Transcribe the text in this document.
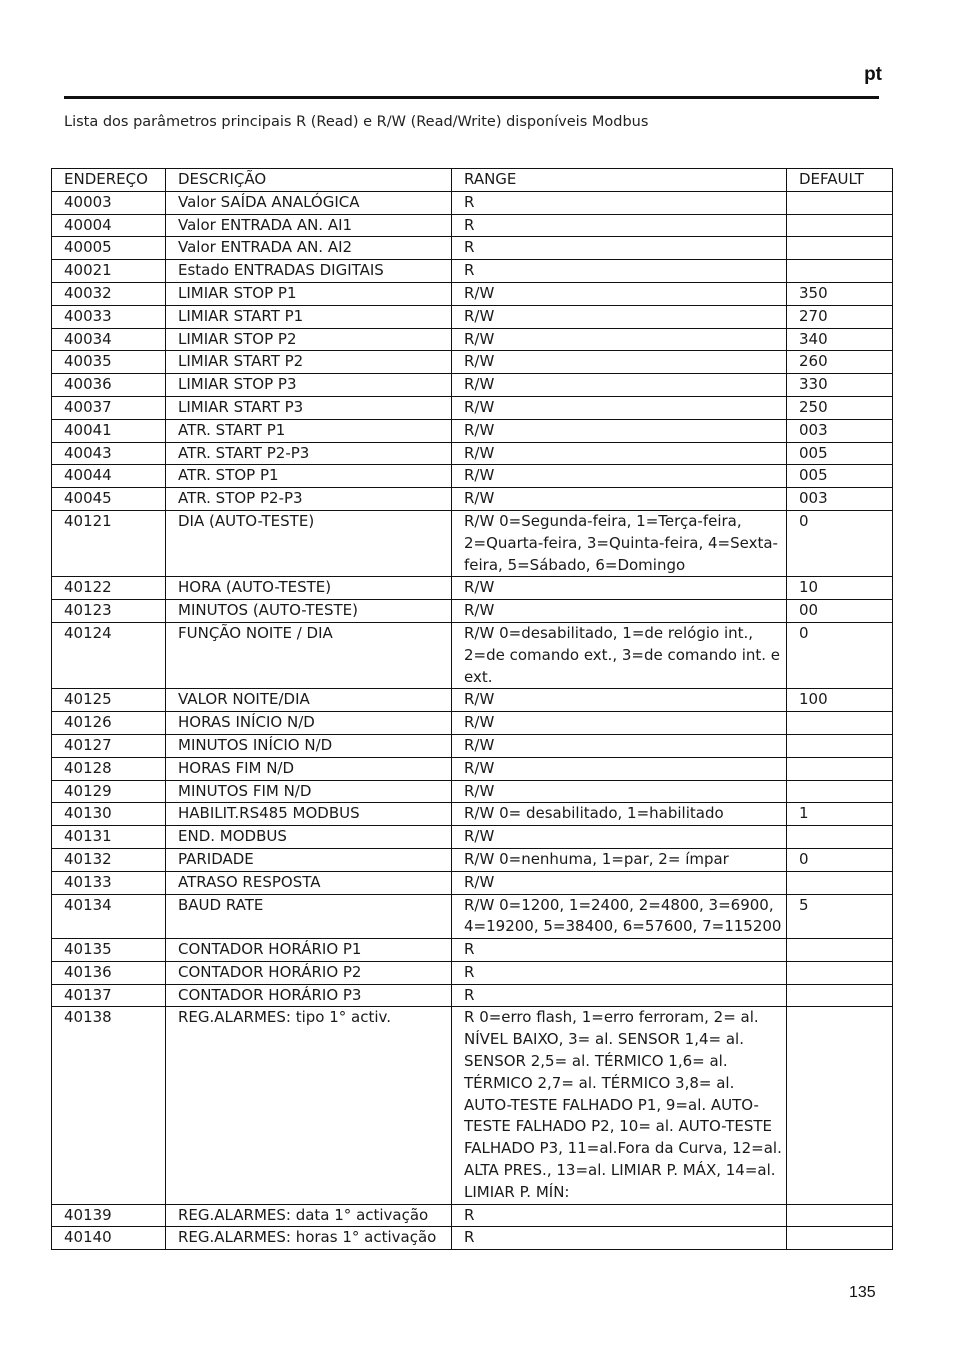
pt
Lista dos parâmetros principais R (Read) e R/W (Read/Write) disponíveis Modbus
ENDEREÇO	DESCRIÇÃO	RANGE	DEFAULT
40003	Valor SAÍDA ANALÓGICA	R	
40004	Valor ENTRADA AN. AI1	R	
40005	Valor ENTRADA AN. AI2	R	
40021	Estado ENTRADAS DIGITAIS	R	
40032	LIMIAR STOP P1	R/W	350
40033	LIMIAR START P1	R/W	270
40034	LIMIAR STOP P2	R/W	340
40035	LIMIAR START P2	R/W	260
40036	LIMIAR STOP P3	R/W	330
40037	LIMIAR START P3	R/W	250
40041	ATR. START P1	R/W	003
40043	ATR. START P2-P3	R/W	005
40044	ATR. STOP P1	R/W	005
40045	ATR. STOP P2-P3	R/W	003
40121	DIA (AUTO-TESTE)	R/W 0=Segunda-feira, 1=Terça-feira, 2=Quarta-feira, 3=Quinta-feira, 4=Sexta-feira, 5=Sábado, 6=Domingo	0
40122	HORA (AUTO-TESTE)	R/W	10
40123	MINUTOS (AUTO-TESTE)	R/W	00
40124	FUNÇÃO NOITE / DIA	R/W 0=desabilitado, 1=de relógio int., 2=de comando ext., 3=de comando int. e ext.	0
40125	VALOR NOITE/DIA	R/W	100
40126	HORAS INÍCIO N/D	R/W	
40127	MINUTOS INÍCIO N/D	R/W	
40128	HORAS FIM N/D	R/W	
40129	MINUTOS FIM N/D	R/W	
40130	HABILIT.RS485 MODBUS	R/W 0= desabilitado, 1=habilitado	1
40131	END. MODBUS	R/W	
40132	PARIDADE	R/W 0=nenhuma, 1=par, 2= ímpar	0
40133	ATRASO RESPOSTA	R/W	
40134	BAUD RATE	R/W 0=1200, 1=2400, 2=4800, 3=6900, 4=19200, 5=38400, 6=57600, 7=115200	5
40135	CONTADOR HORÁRIO P1	R	
40136	CONTADOR HORÁRIO P2	R	
40137	CONTADOR HORÁRIO P3	R	
40138	REG.ALARMES: tipo 1° activ.	R 0=erro flash, 1=erro ferroram, 2= al. NÍVEL BAIXO, 3= al. SENSOR 1,4= al. SENSOR 2,5= al. TÉRMICO 1,6= al. TÉRMICO 2,7= al. TÉRMICO 3,8= al. AUTO-TESTE FALHADO P1, 9=al. AUTO-TESTE FALHADO P2, 10= al. AUTO-TESTE FALHADO P3, 11=al.Fora da Curva, 12=al. ALTA PRES., 13=al. LIMIAR P. MÁX, 14=al. LIMIAR P. MÍN:	
40139	REG.ALARMES: data 1° activação	R	
40140	REG.ALARMES: horas 1° activação	R	
135
